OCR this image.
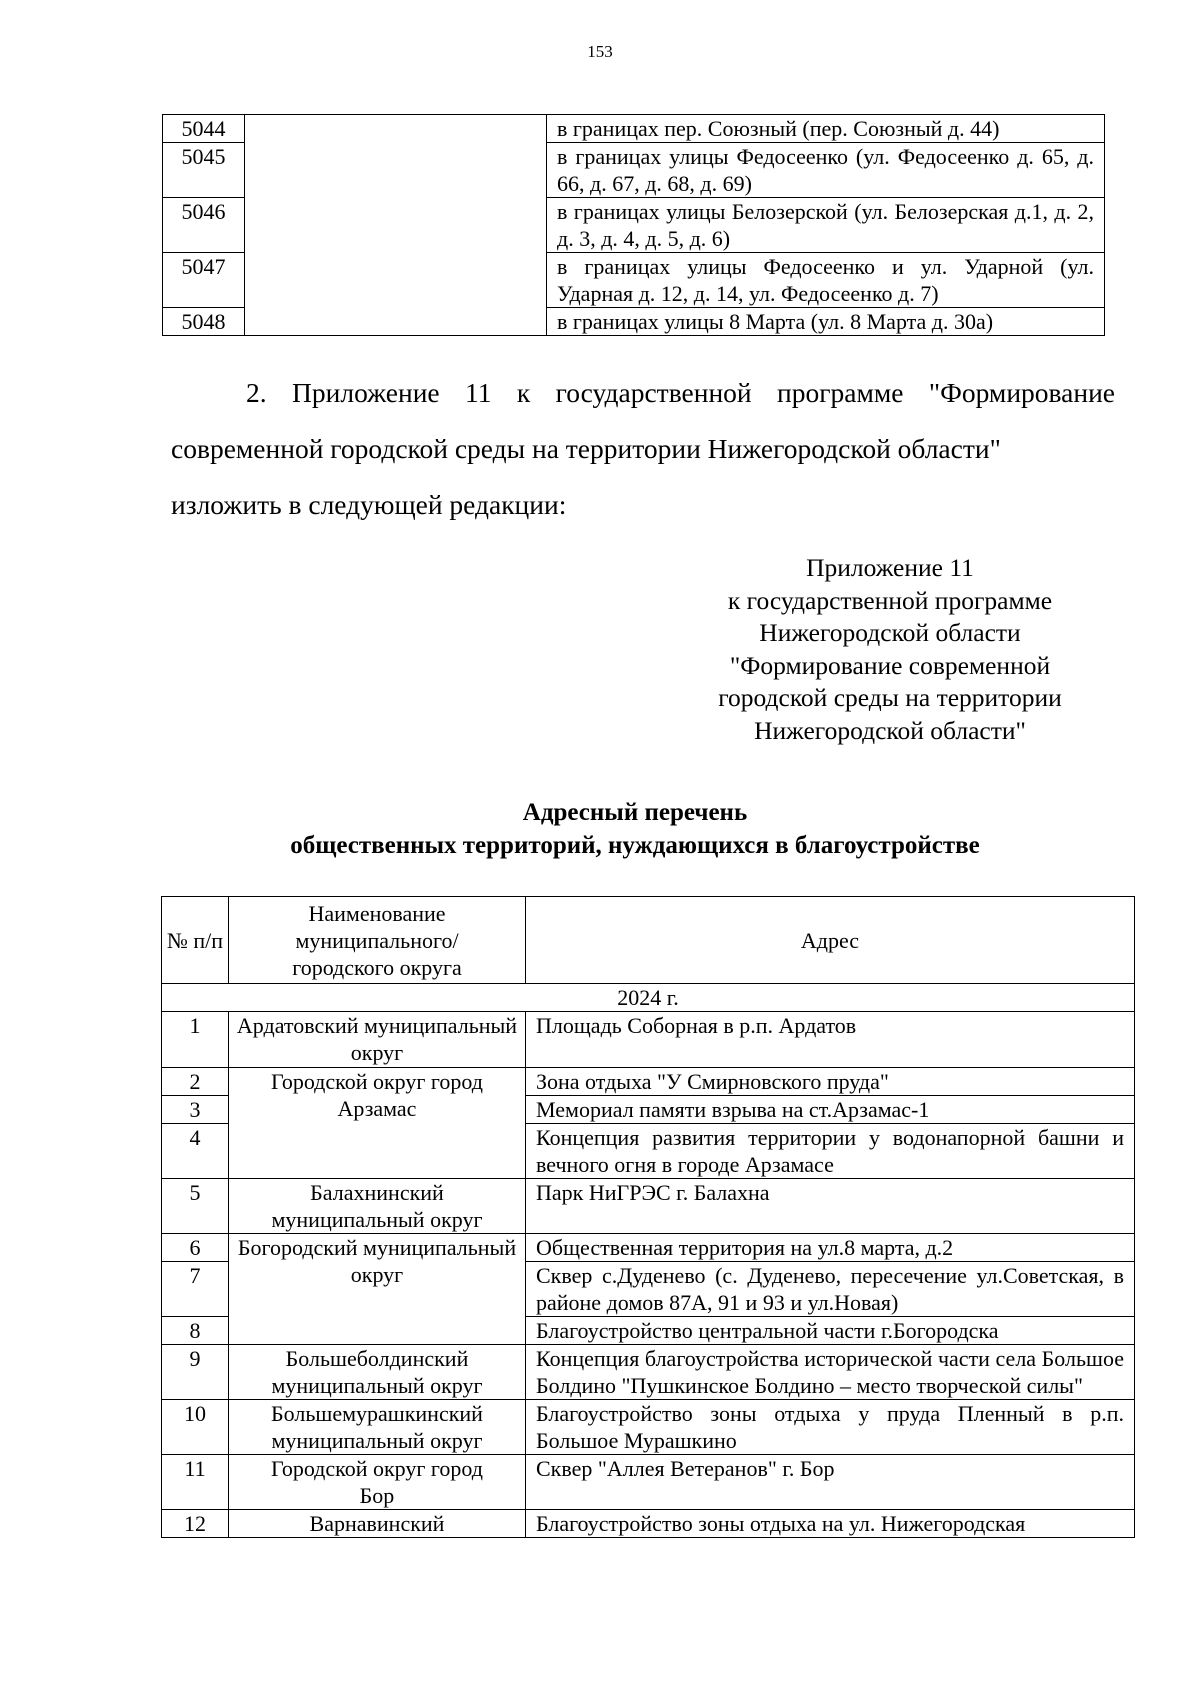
153
5044		в границах пер. Союзный (пер. Союзный д. 44)
5045		в границах улицы Федосеенко (ул. Федосеенко д. 65, д. 66, д. 67, д. 68, д. 69)
5046		в границах улицы Белозерской (ул. Белозерская д.1, д. 2, д. 3, д. 4, д. 5, д. 6)
5047		в границах улицы Федосеенко и ул. Ударной (ул. Ударная д. 12, д. 14, ул. Федосеенко д. 7)
5048		в границах улицы 8 Марта (ул. 8 Марта д. 30а)
2. Приложение 11 к государственной программе "Формирование современной городской среды на территории Нижегородской области"
изложить в следующей редакции:
Приложение 11
к государственной программе
Нижегородской области
"Формирование современной
городской среды на территории
Нижегородской области"
Адресный перечень
общественных территорий, нуждающихся в благоустройстве
№ п/п	Наименование муниципального/ городского округа	Адрес
2024 г.		
1	Ардатовский муниципальный округ	Площадь Соборная в р.п. Ардатов
2	Городской округ город Арзамас	Зона отдыха "У Смирновского пруда"
3		Мемориал памяти взрыва на ст.Арзамас-1
4		Концепция развития территории у водонапорной башни и вечного огня в городе Арзамасе
5	Балахнинский муниципальный округ	Парк НиГРЭС г. Балахна
6	Богородский муниципальный округ	Общественная территория на ул.8 марта, д.2
7		Сквер с.Дуденево (с. Дуденево, пересечение ул.Советская, в районе домов 87А, 91 и 93 и ул.Новая)
8		Благоустройство центральной части г.Богородска
9	Большеболдинский муниципальный округ	Концепция благоустройства исторической части села Большое Болдино "Пушкинское Болдино – место творческой силы"
10	Большемурашкинский муниципальный округ	Благоустройство зоны отдыха у пруда Пленный в р.п. Большое Мурашкино
11	Городской округ город Бор	Сквер "Аллея Ветеранов" г. Бор
12	Варнавинский	Благоустройство зоны отдыха на ул. Нижегородская
